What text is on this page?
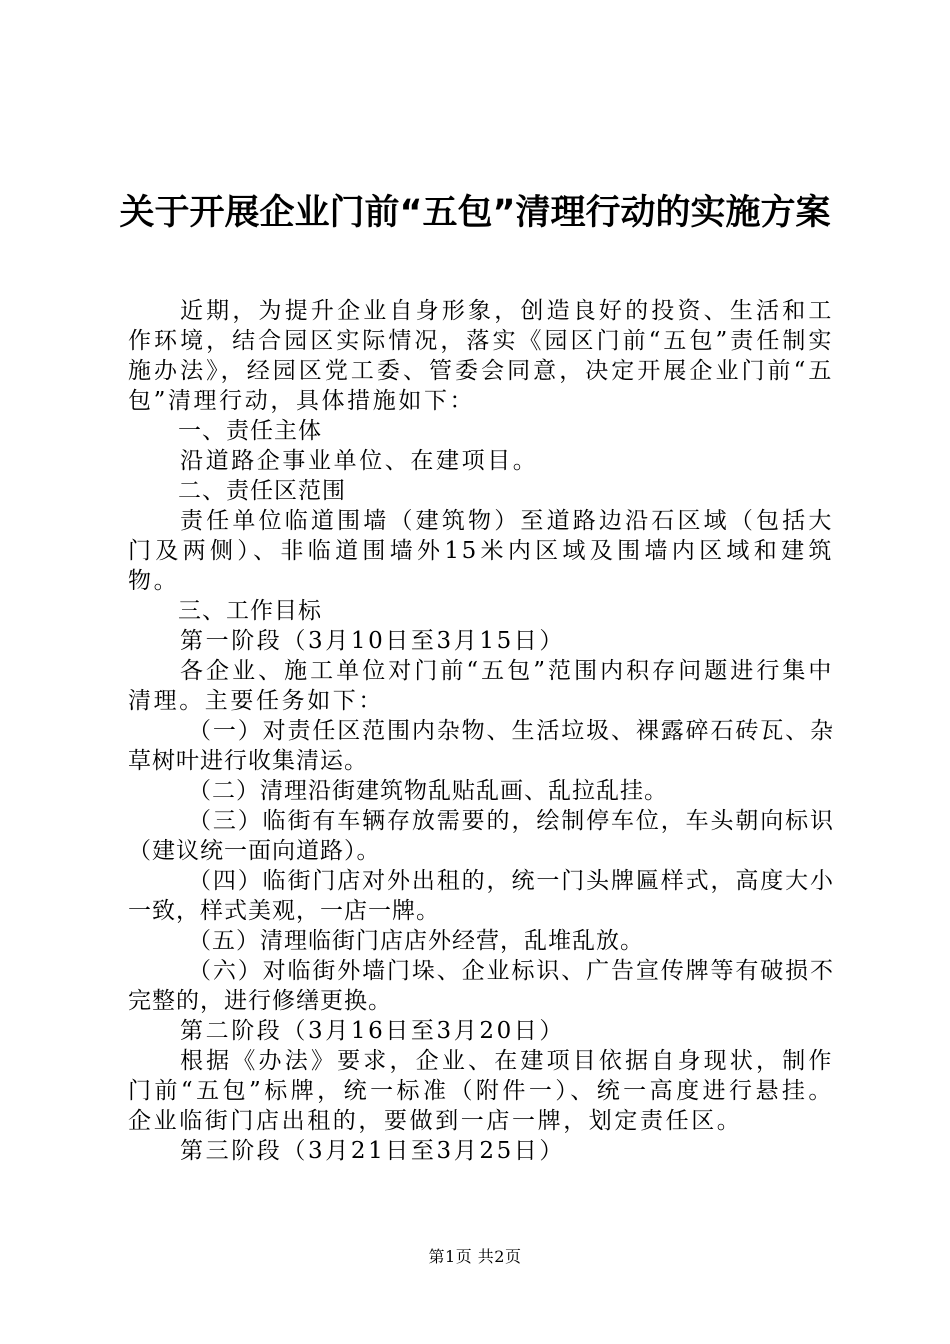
关于开展企业门前“五包”清理行动的实施方案

近期，为提升企业自身形象，创造良好的投资、生活和工作环境，结合园区实际情况，落实《园区门前“五包”责任制实施办法》，经园区党工委、管委会同意，决定开展企业门前“五包”清理行动，具体措施如下：

一、责任主体

沿道路企事业单位、在建项目。

二、责任区范围

责任单位临道围墙（建筑物）至道路边沿石区域（包括大门及两侧）、非临道围墙外15米内区域及围墙内区域和建筑物。

三、工作目标

第一阶段（3月10日至3月15日）

各企业、施工单位对门前“五包”范围内积存问题进行集中清理。主要任务如下：

（一）对责任区范围内杂物、生活垃圾、裸露碎石砖瓦、杂草树叶进行收集清运。

（二）清理沿街建筑物乱贴乱画、乱拉乱挂。

（三）临街有车辆存放需要的，绘制停车位，车头朝向标识（建议统一面向道路）。

（四）临街门店对外出租的，统一门头牌匾样式，高度大小一致，样式美观，一店一牌。

（五）清理临街门店店外经营，乱堆乱放。

（六）对临街外墙门垛、企业标识、广告宣传牌等有破损不完整的，进行修缮更换。

第二阶段（3月16日至3月20日）

根据《办法》要求，企业、在建项目依据自身现状，制作门前“五包”标牌，统一标准（附件一）、统一高度进行悬挂。企业临街门店出租的，要做到一店一牌，划定责任区。

第三阶段（3月21日至3月25日）

第1页 共2页
